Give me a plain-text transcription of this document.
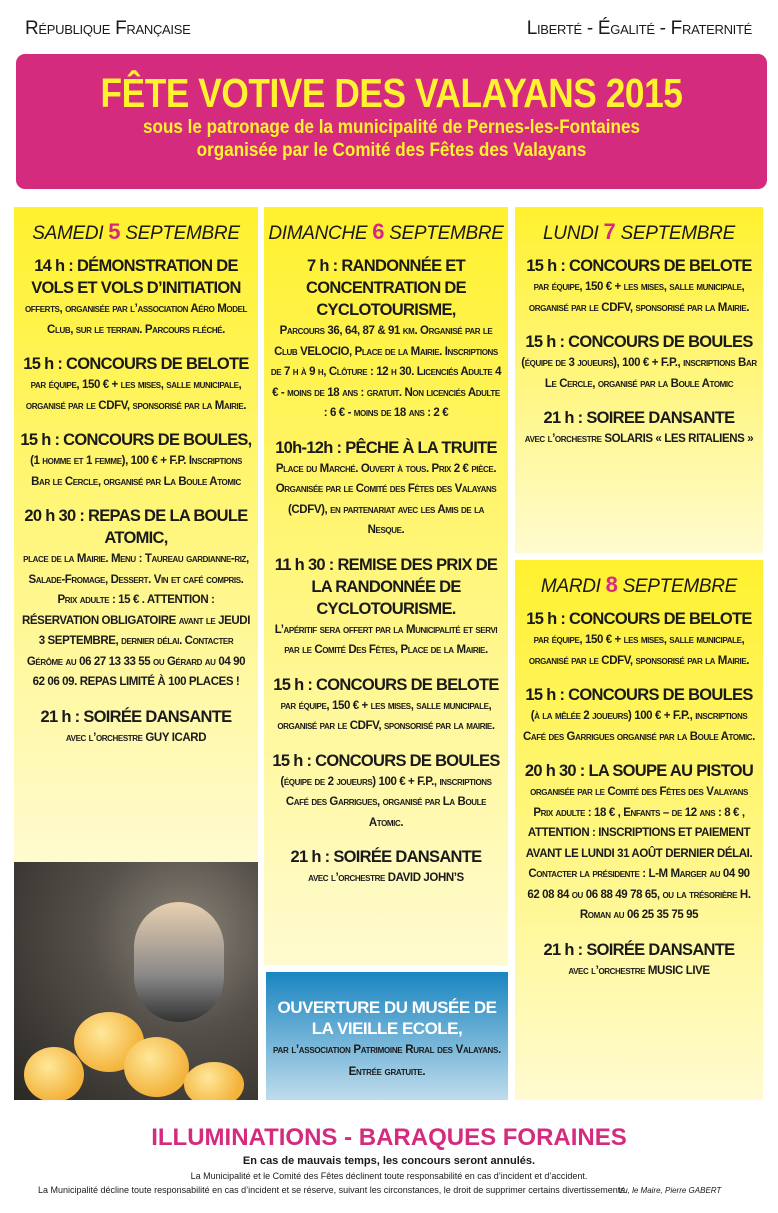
République Française	Liberté - Égalité - Fraternité
FÊTE VOTIVE DES VALAYANS 2015

sous le patronage de la municipalité de Pernes-les-Fontaines

organisée par le Comité des Fêtes des Valayans

SAMEDI 5 SEPTEMBRE
14 h : DÉMONSTRATION DE VOLS ET VOLS D’INITIATION
offerts, organisée par l’association Aéro Model Club, sur le terrain. Parcours fléché.
15 h : CONCOURS DE BELOTE
par équipe, 150 € + les mises, salle municipale, organisé par le CDFV, sponsorisé par la Mairie.
15 h : CONCOURS DE BOULES,
(1 homme et 1 femme), 100 € + F.P. Inscriptions Bar le Cercle, organisé par La Boule Atomic
20 h 30 : REPAS DE LA BOULE ATOMIC,
place de la Mairie. Menu : Taureau gardianne-riz, Salade-Fromage, Dessert. Vin et café compris. Prix adulte : 15 € . ATTENTION : RÉSERVATION OBLIGATOIRE avant le JEUDI 3 SEPTEMBRE, dernier délai. Contacter Gérôme au 06 27 13 33 55 ou Gérard au 04 90 62 06 09. REPAS LIMITÉ À 100 PLACES !
21 h : SOIRÉE DANSANTE
avec l’orchestre GUY ICARD
DIMANCHE 6 SEPTEMBRE
7 h : RANDONNÉE ET CONCENTRATION DE CYCLOTOURISME,
Parcours 36, 64, 87 & 91 km. Organisé par le Club VELOCIO, Place de la Mairie. Inscriptions de 7 h à 9 h, Clôture : 12 h 30. Licenciés Adulte 4 € - moins de 18 ans : gratuit. Non licenciés Adulte : 6 € - moins de 18 ans : 2 €
10h-12h : PÊCHE À LA TRUITE
Place du Marché. Ouvert à tous. Prix 2 € pièce. Organisée par le Comité des Fêtes des Valayans (CDFV), en partenariat avec les Amis de la Nesque.
11 h 30 : REMISE DES PRIX DE LA RANDONNÉE DE CYCLOTOURISME.
L’apéritif sera offert par la Municipalité et servi par le Comité Des Fêtes, Place de la Mairie.
15 h : CONCOURS DE BELOTE
par équipe, 150 € + les mises, salle municipale, organisé par le CDFV, sponsorisé par la mairie.
15 h : CONCOURS DE BOULES
(équipe de 2 joueurs) 100 € + F.P., inscriptions Café des Garrigues, organisé par La Boule Atomic.
21 h : SOIRÉE DANSANTE
avec l’orchestre DAVID JOHN’S
OUVERTURE DU MUSÉE DE LA VIEILLE ECOLE,
par l’association Patrimoine Rural des Valayans. Entrée gratuite.
LUNDI 7 SEPTEMBRE
15 h : CONCOURS DE BELOTE
par équipe, 150 € + les mises, salle municipale, organisé par le CDFV, sponsorisé par la Mairie.
15 h : CONCOURS DE BOULES
(équipe de 3 joueurs), 100 € + F.P., inscriptions Bar Le Cercle, organisé par la Boule Atomic
21 h : SOIREE DANSANTE
avec l’orchestre SOLARIS « LES RITALIENS »
MARDI 8 SEPTEMBRE
15 h : CONCOURS DE BELOTE
par équipe, 150 € + les mises, salle municipale, organisé par le CDFV, sponsorisé par la Mairie.
15 h : CONCOURS DE BOULES
(à la mêlée 2 joueurs) 100 € + F.P., inscriptions Café des Garrigues organisé par la Boule Atomic.
20 h 30 : LA SOUPE AU PISTOU
organisée par le Comité des Fêtes des Valayans Prix adulte : 18 € , Enfants – de 12 ans : 8 € , ATTENTION : INSCRIPTIONS ET PAIEMENT AVANT LE LUNDI 31 AOÛT DERNIER DÉLAI. Contacter la présidente : L-M Marger au 04 90 62 08 84 ou 06 88 49 78 65, ou la trésorière H. Roman au 06 25 35 75 95
21 h : SOIRÉE DANSANTE
avec l’orchestre MUSIC LIVE
ILLUMINATIONS - BARAQUES FORAINES
En cas de mauvais temps, les concours seront annulés.
La Municipalité et le Comité des Fêtes déclinent toute responsabilité en cas d’incident et d’accident.
La Municipalité décline toute responsabilité en cas d’incident et se réserve, suivant les circonstances, le droit de supprimer certains divertissements.
Vu, le Maire, Pierre GABERT
